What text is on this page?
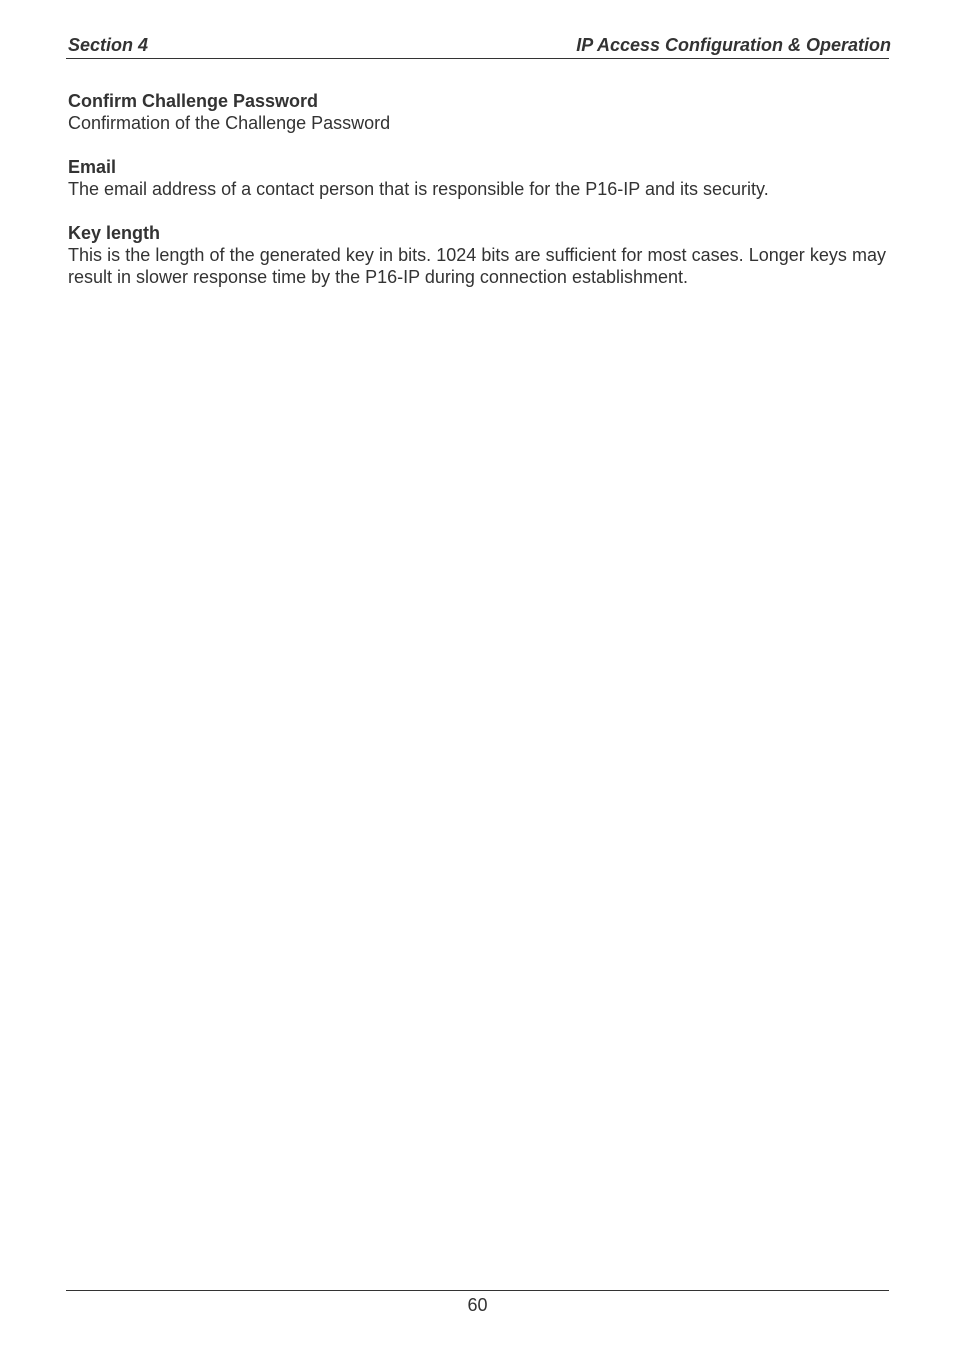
Section 4	IP Access Configuration & Operation

Confirm Challenge Password

Confirmation of the Challenge Password

Email

The email address of a contact person that is responsible for the P16-IP and its security.

Key length

This is the length of the generated key in bits. 1024 bits are sufficient for most cases. Longer keys may result in slower response time by the P16-IP during connection establishment.

60
